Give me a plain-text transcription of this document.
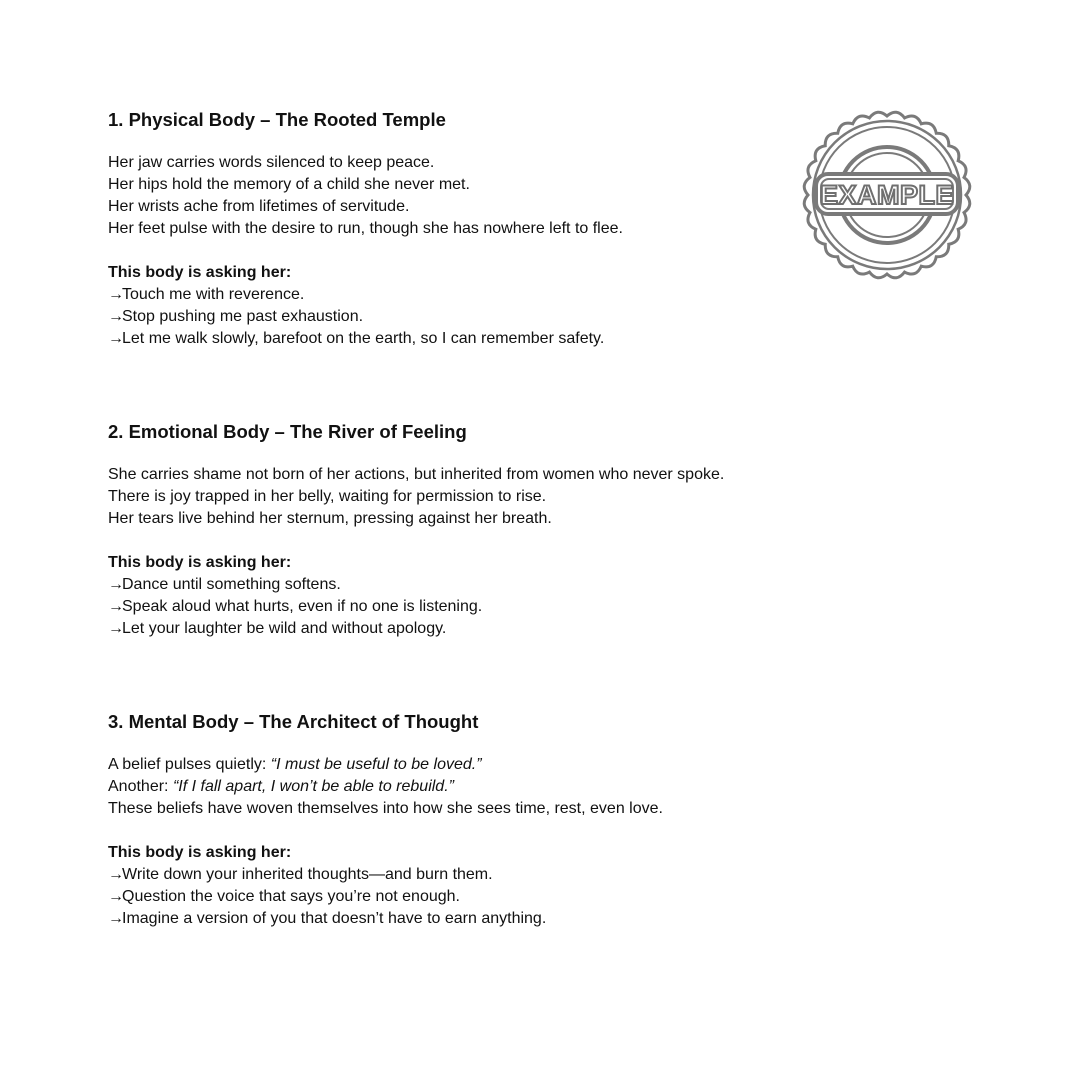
EXAMPLE

1. Physical Body – The Rooted Temple

Her jaw carries words silenced to keep peace.

Her hips hold the memory of a child she never met.

Her wrists ache from lifetimes of servitude.

Her feet pulse with the desire to run, though she has nowhere left to flee.

This body is asking her:

→Touch me with reverence.

→Stop pushing me past exhaustion.

→Let me walk slowly, barefoot on the earth, so I can remember safety.

2. Emotional Body – The River of Feeling

She carries shame not born of her actions, but inherited from women who never spoke.

There is joy trapped in her belly, waiting for permission to rise.

Her tears live behind her sternum, pressing against her breath.

This body is asking her:

→Dance until something softens.

→Speak aloud what hurts, even if no one is listening.

→Let your laughter be wild and without apology.

3. Mental Body – The Architect of Thought

A belief pulses quietly: “I must be useful to be loved.”

Another: “If I fall apart, I won’t be able to rebuild.”

These beliefs have woven themselves into how she sees time, rest, even love.

This body is asking her:

→Write down your inherited thoughts—and burn them.

→Question the voice that says you’re not enough.

→Imagine a version of you that doesn’t have to earn anything.
